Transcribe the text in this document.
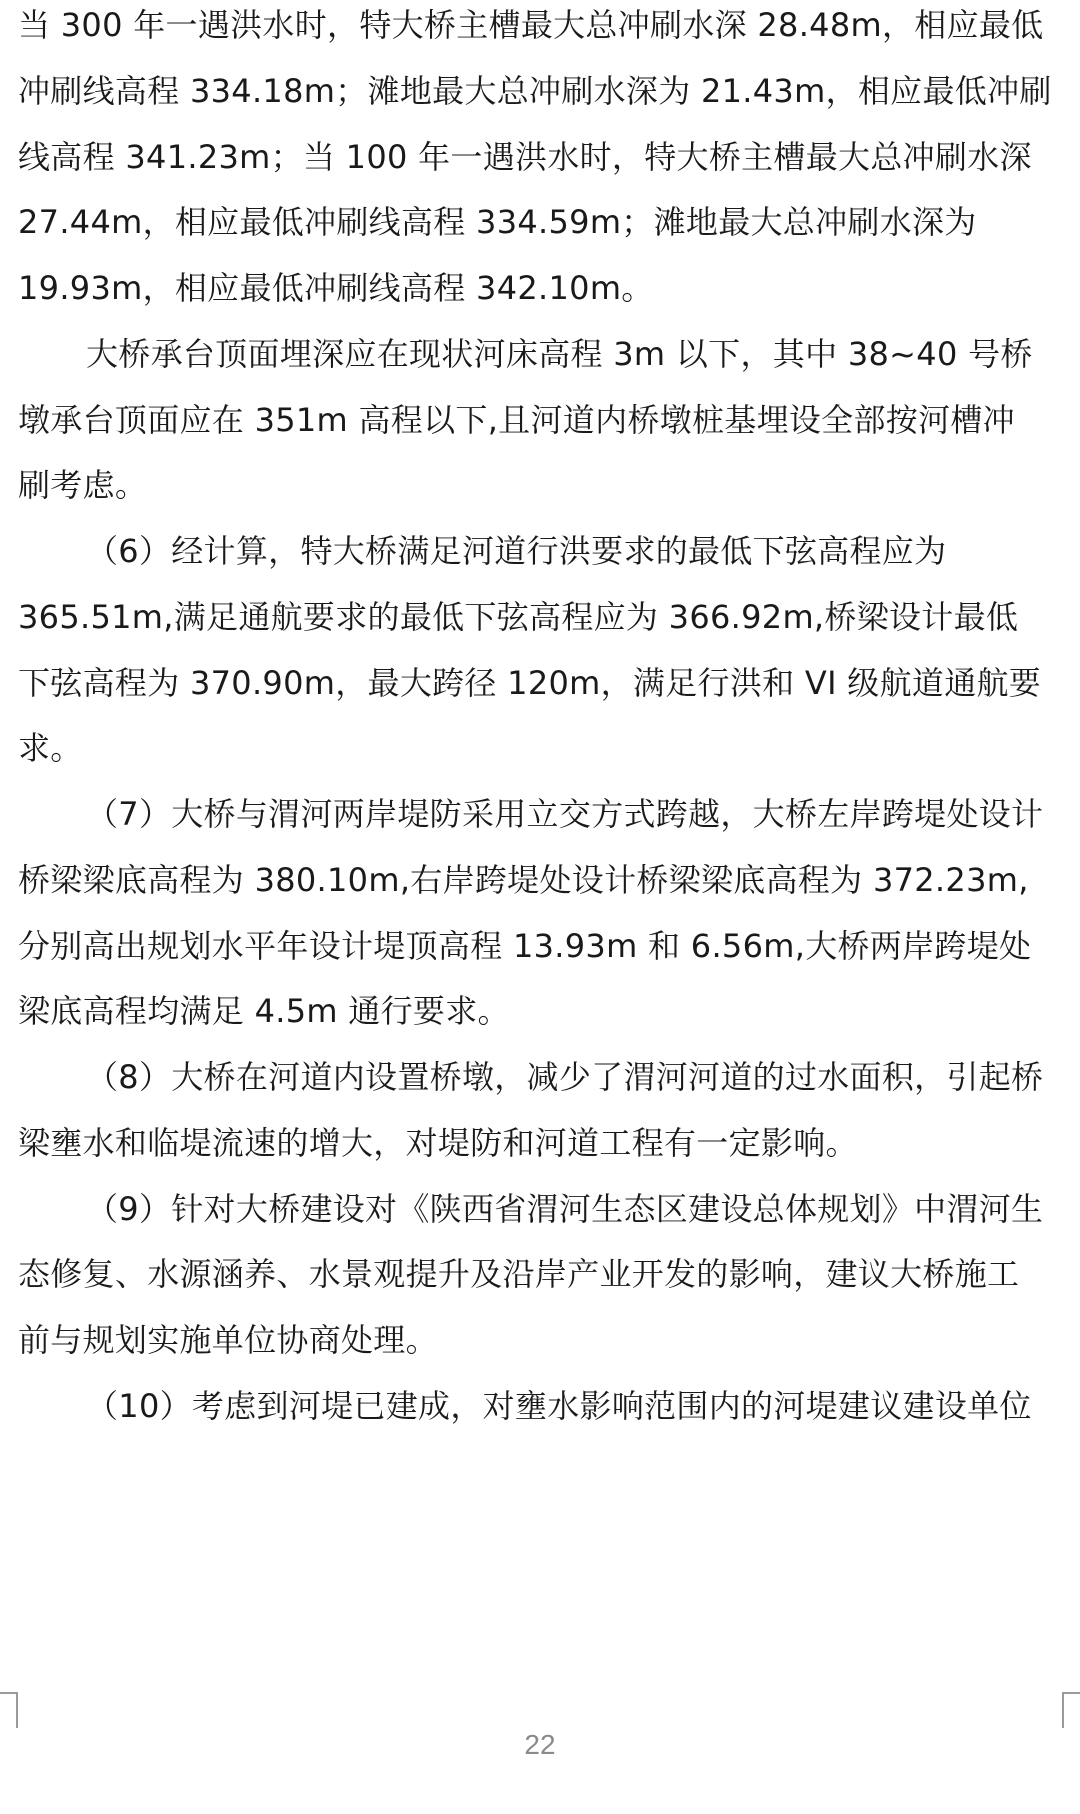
当 300 年一遇洪水时，特大桥主槽最大总冲刷水深 28.48m，相应最低
冲刷线高程 334.18m；滩地最大总冲刷水深为 21.43m，相应最低冲刷
线高程 341.23m；当 100 年一遇洪水时，特大桥主槽最大总冲刷水深
27.44m，相应最低冲刷线高程 334.59m；滩地最大总冲刷水深为
19.93m，相应最低冲刷线高程 342.10m。
大桥承台顶面埋深应在现状河床高程 3m 以下，其中 38~40 号桥
墩承台顶面应在 351m 高程以下,且河道内桥墩桩基埋设全部按河槽冲
刷考虑。
（6）经计算，特大桥满足河道行洪要求的最低下弦高程应为
365.51m,满足通航要求的最低下弦高程应为 366.92m,桥梁设计最低
下弦高程为 370.90m，最大跨径 120m，满足行洪和 VI 级航道通航要
求。
（7）大桥与渭河两岸堤防采用立交方式跨越，大桥左岸跨堤处设计
桥梁梁底高程为 380.10m,右岸跨堤处设计桥梁梁底高程为 372.23m,
分别高出规划水平年设计堤顶高程 13.93m 和 6.56m,大桥两岸跨堤处
梁底高程均满足 4.5m 通行要求。
（8）大桥在河道内设置桥墩，减少了渭河河道的过水面积，引起桥
梁壅水和临堤流速的增大，对堤防和河道工程有一定影响。
（9）针对大桥建设对《陕西省渭河生态区建设总体规划》中渭河生
态修复、水源涵养、水景观提升及沿岸产业开发的影响，建议大桥施工
前与规划实施单位协商处理。
（10）考虑到河堤已建成，对壅水影响范围内的河堤建议建设单位
22
